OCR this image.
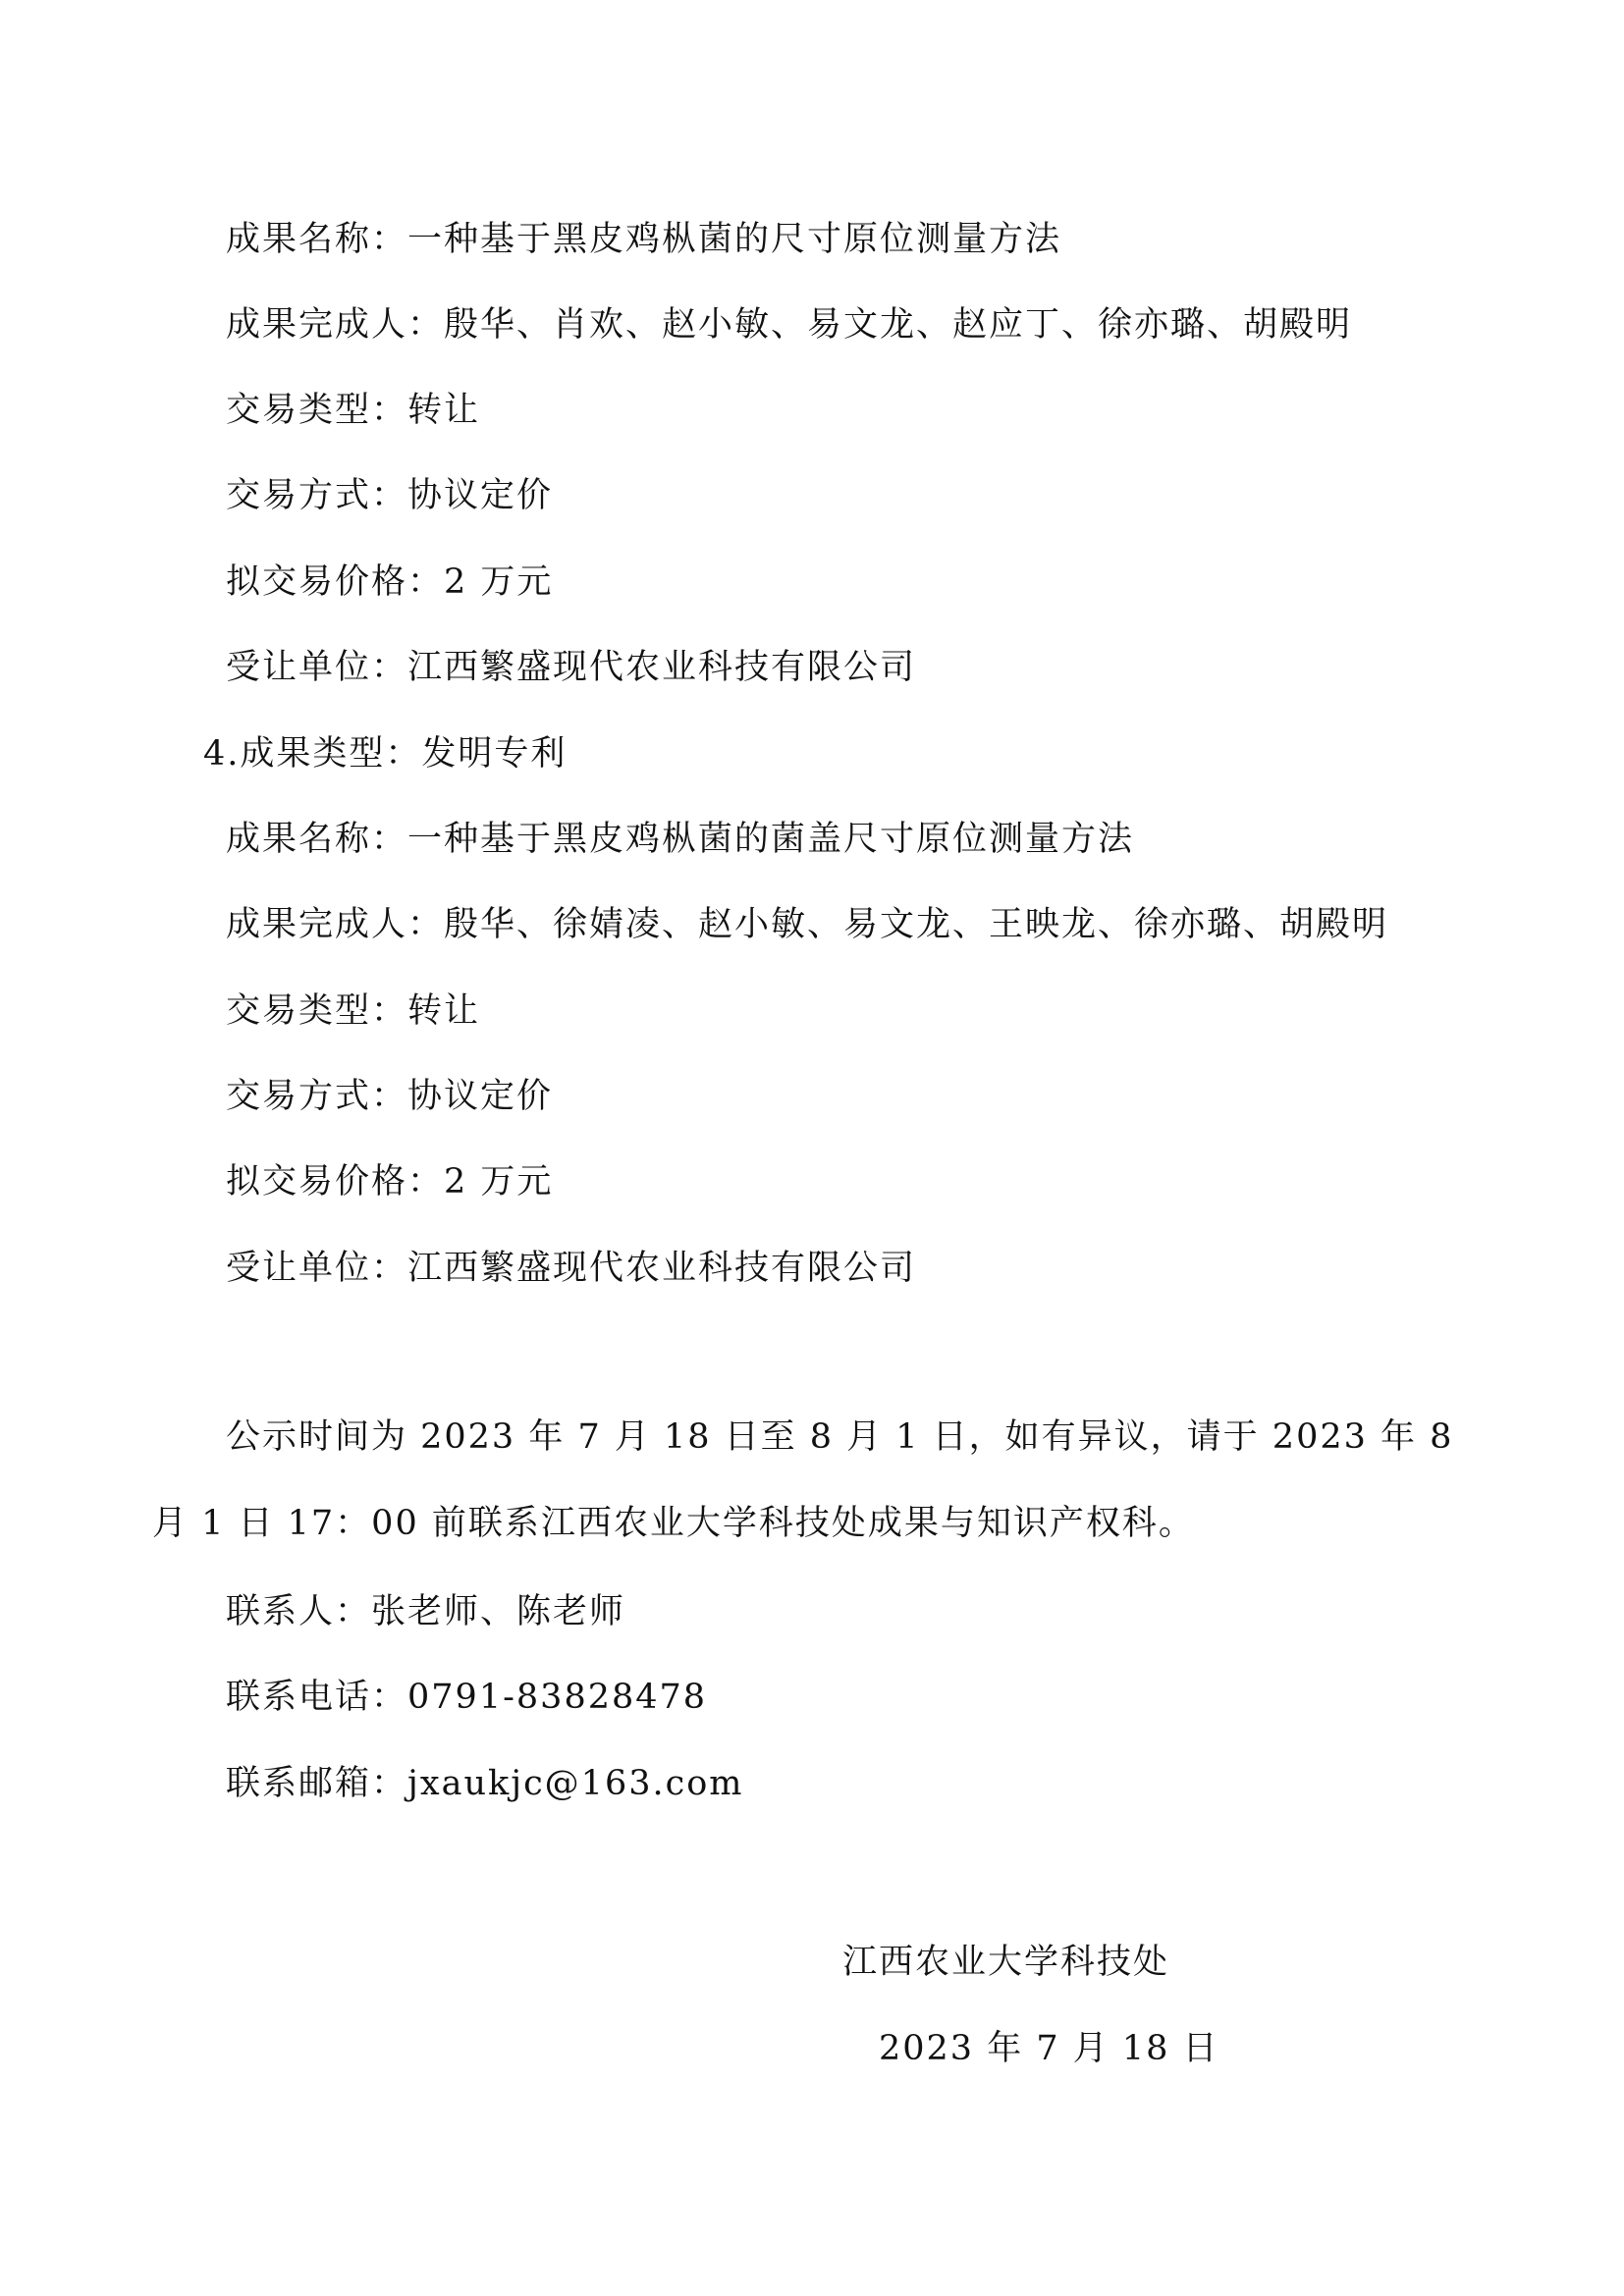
成果名称：一种基于黑皮鸡枞菌的尺寸原位测量方法
成果完成人：殷华、肖欢、赵小敏、易文龙、赵应丁、徐亦璐、胡殿明
交易类型：转让
交易方式：协议定价
拟交易价格：2 万元
受让单位：江西繁盛现代农业科技有限公司
4.成果类型：发明专利
成果名称：一种基于黑皮鸡枞菌的菌盖尺寸原位测量方法
成果完成人：殷华、徐婧凌、赵小敏、易文龙、王映龙、徐亦璐、胡殿明
交易类型：转让
交易方式：协议定价
拟交易价格：2 万元
受让单位：江西繁盛现代农业科技有限公司
公示时间为 2023 年 7 月 18 日至 8 月 1 日，如有异议，请于 2023 年 8 月 1 日 17：00 前联系江西农业大学科技处成果与知识产权科。
联系人：张老师、陈老师
联系电话：0791-83828478
联系邮箱：jxaukjc@163.com
江西农业大学科技处
2023 年 7 月 18 日
